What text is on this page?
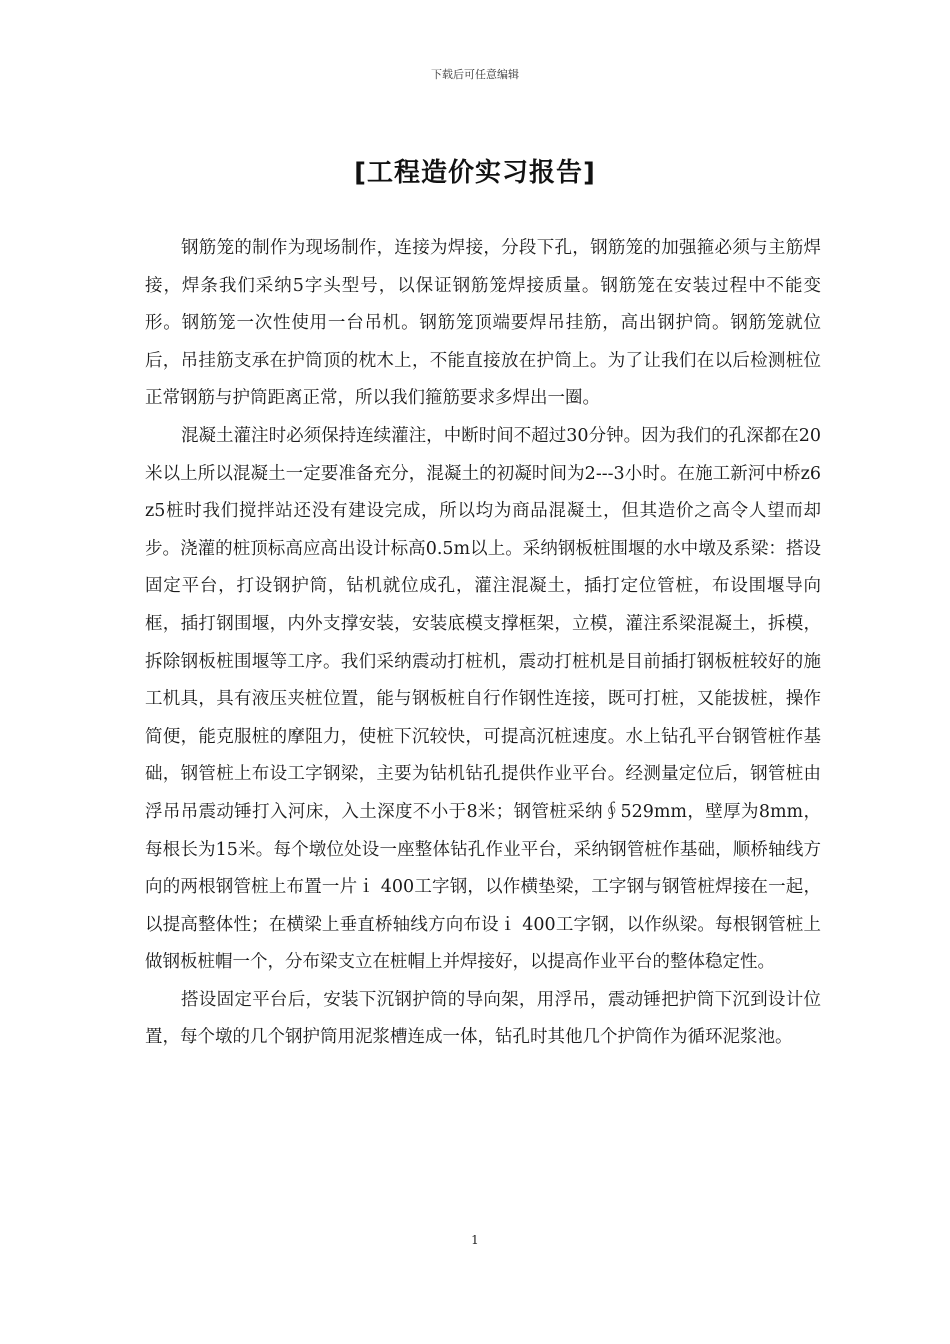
下载后可任意编辑
[工程造价实习报告]

钢筋笼的制作为现场制作，连接为焊接，分段下孔，钢筋笼的加强箍必须与主筋焊接，焊条我们采纳5字头型号，以保证钢筋笼焊接质量。钢筋笼在安装过程中不能变形。钢筋笼一次性使用一台吊机。钢筋笼顶端要焊吊挂筋，高出钢护筒。钢筋笼就位后，吊挂筋支承在护筒顶的枕木上，不能直接放在护筒上。为了让我们在以后检测桩位正常钢筋与护筒距离正常，所以我们箍筋要求多焊出一圈。

混凝土灌注时必须保持连续灌注，中断时间不超过30分钟。因为我们的孔深都在20米以上所以混凝土一定要准备充分，混凝土的初凝时间为2---3小时。在施工新河中桥z6z5桩时我们搅拌站还没有建设完成，所以均为商品混凝土，但其造价之高令人望而却步。浇灌的桩顶标高应高出设计标高0.5m以上。采纳钢板桩围堰的水中墩及系梁：搭设固定平台，打设钢护筒，钻机就位成孔，灌注混凝土，插打定位管桩，布设围堰导向框，插打钢围堰，内外支撑安装，安装底模支撑框架，立模，灌注系梁混凝土，拆模，拆除钢板桩围堰等工序。我们采纳震动打桩机，震动打桩机是目前插打钢板桩较好的施工机具，具有液压夹桩位置，能与钢板桩自行作钢性连接，既可打桩，又能拔桩，操作简便，能克服桩的摩阻力，使桩下沉较快，可提高沉桩速度。水上钻孔平台钢管桩作基础，钢管桩上布设工字钢梁，主要为钻机钻孔提供作业平台。经测量定位后，钢管桩由浮吊吊震动锤打入河床，入土深度不小于8米；钢管桩采纳∮529mm，壁厚为8mm，每根长为15米。每个墩位处设一座整体钻孔作业平台，采纳钢管桩作基础，顺桥轴线方向的两根钢管桩上布置一片ｉ 400工字钢，以作横垫梁，工字钢与钢管桩焊接在一起，以提高整体性；在横梁上垂直桥轴线方向布设ｉ 400工字钢，以作纵梁。每根钢管桩上做钢板桩帽一个，分布梁支立在桩帽上并焊接好，以提高作业平台的整体稳定性。

搭设固定平台后，安装下沉钢护筒的导向架，用浮吊，震动锤把护筒下沉到设计位置，每个墩的几个钢护筒用泥浆槽连成一体，钻孔时其他几个护筒作为循环泥浆池。

1
